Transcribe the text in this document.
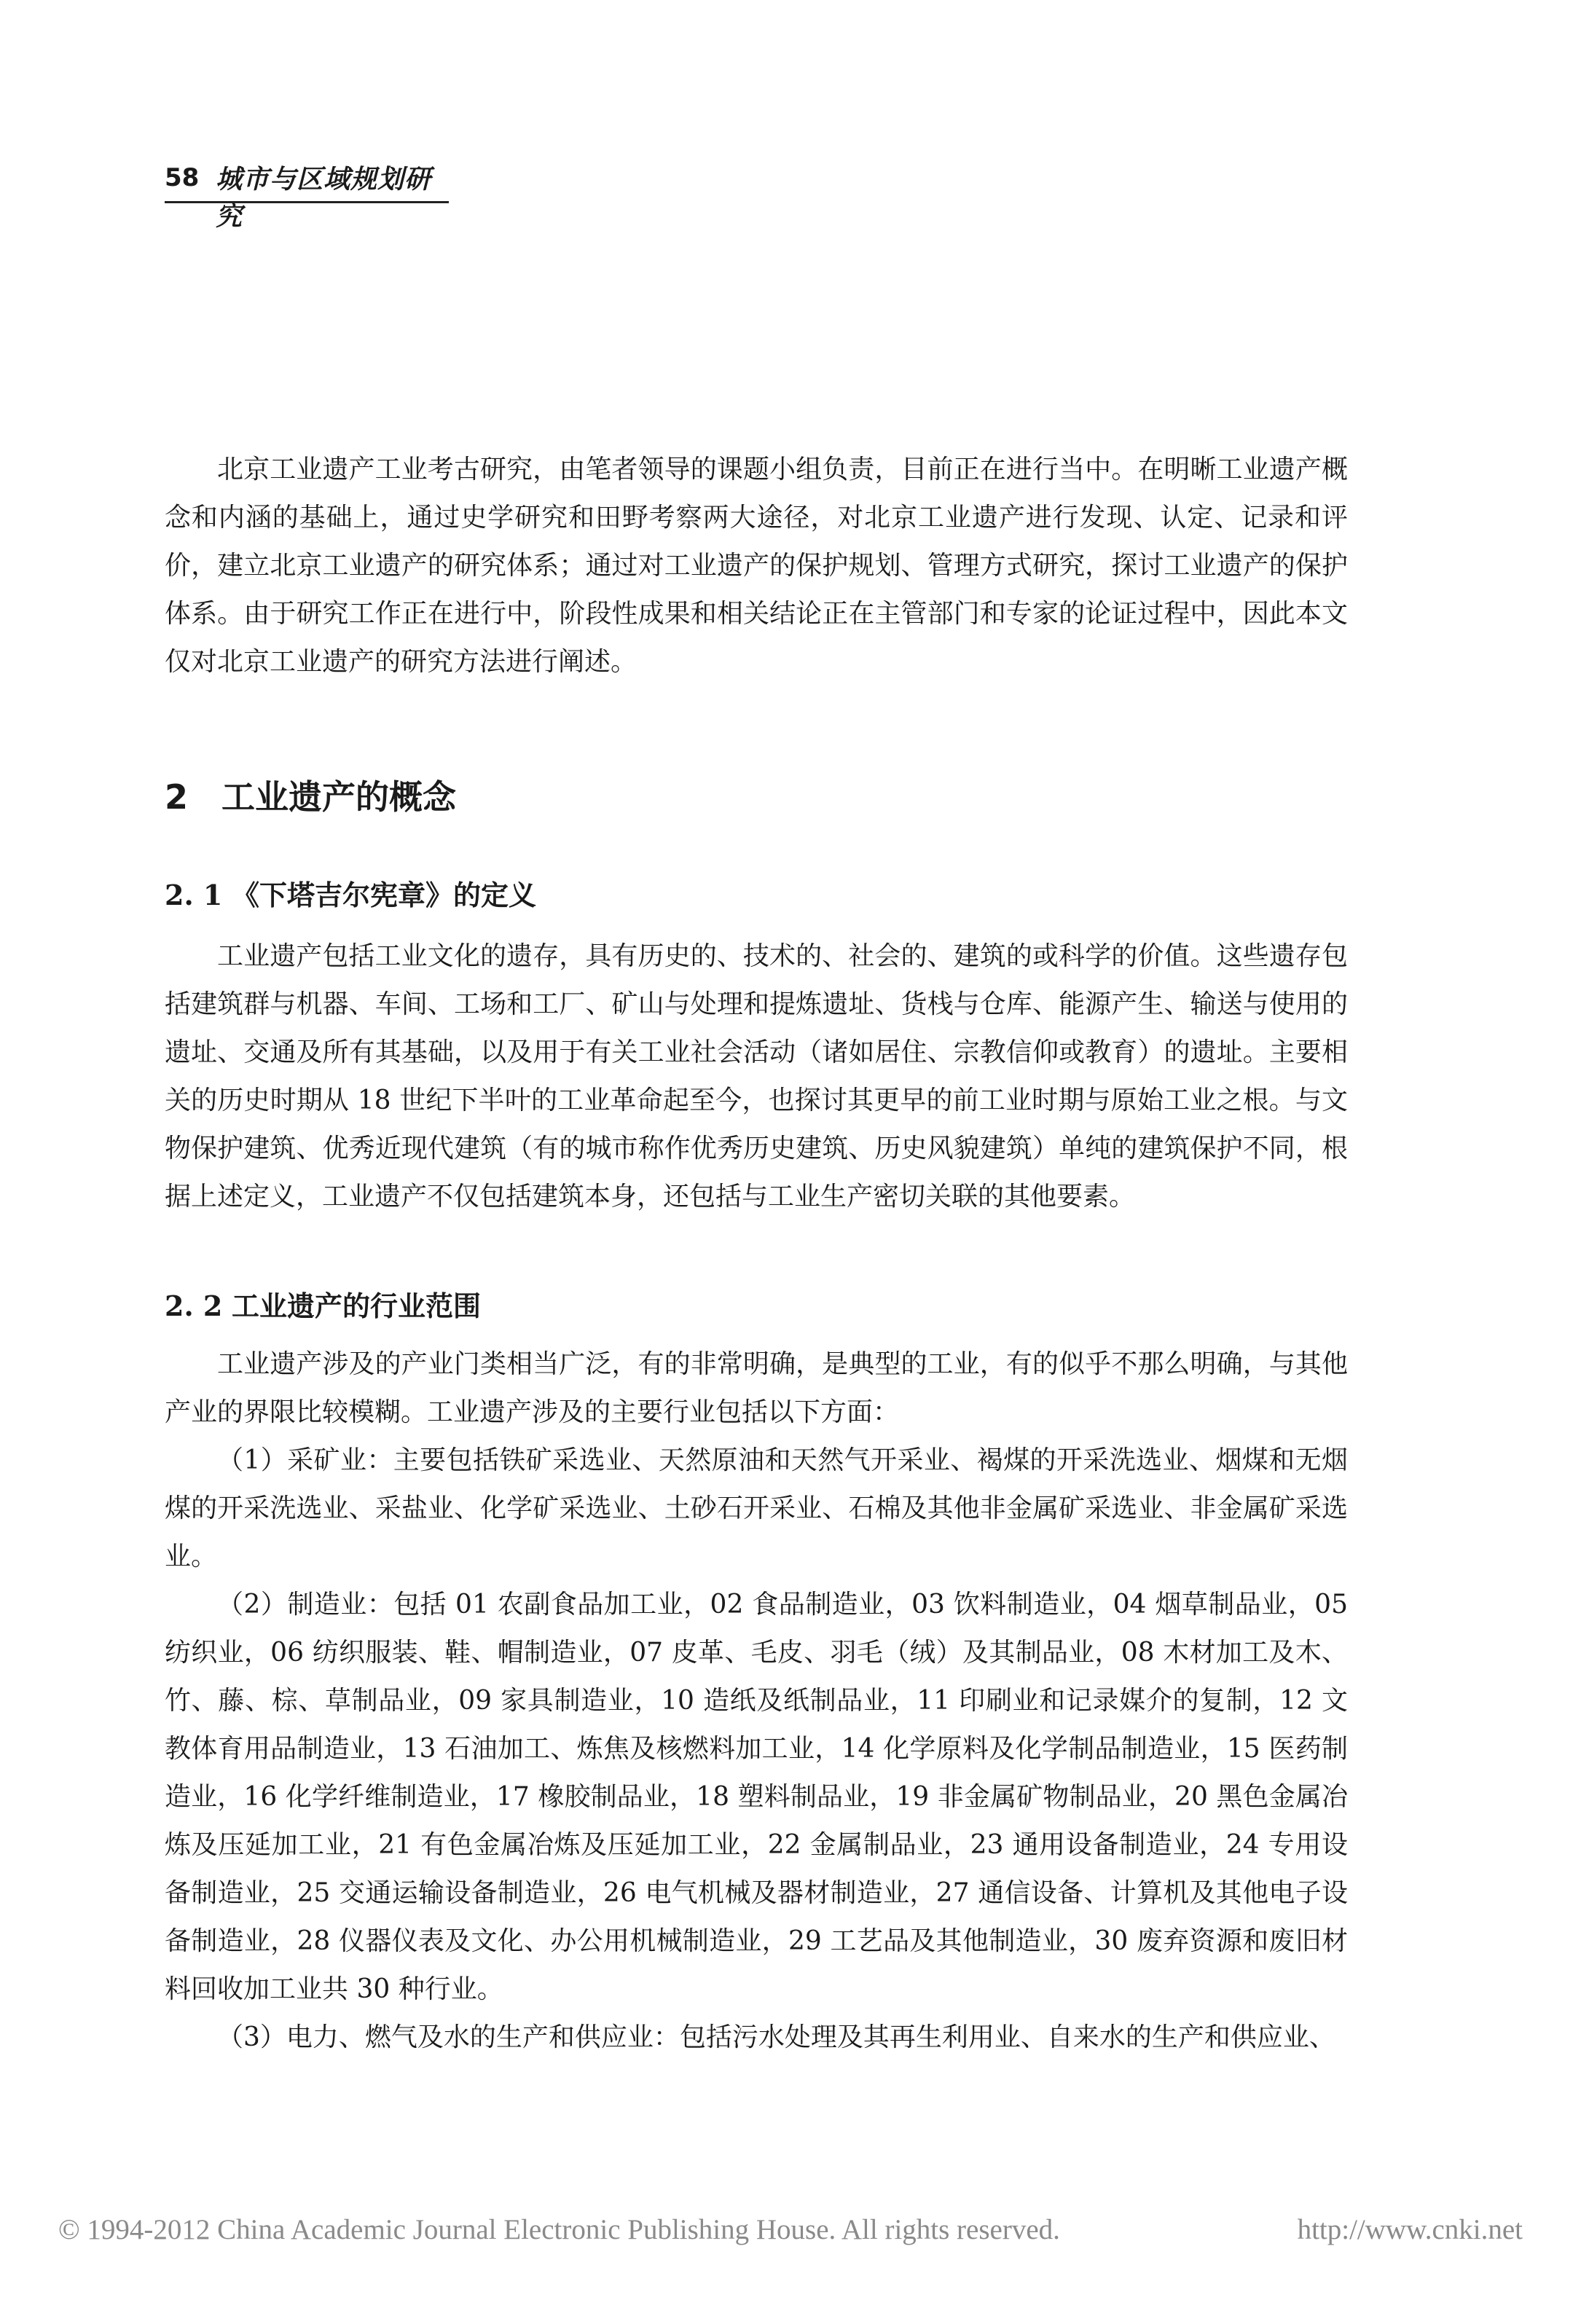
58 城市与区域规划研究

北京工业遗产工业考古研究，由笔者领导的课题小组负责，目前正在进行当中。在明晰工业遗产概念和内涵的基础上，通过史学研究和田野考察两大途径，对北京工业遗产进行发现、认定、记录和评价，建立北京工业遗产的研究体系；通过对工业遗产的保护规划、管理方式研究，探讨工业遗产的保护体系。由于研究工作正在进行中，阶段性成果和相关结论正在主管部门和专家的论证过程中，因此本文仅对北京工业遗产的研究方法进行阐述。

2 工业遗产的概念
2. 1 《下塔吉尔宪章》的定义

工业遗产包括工业文化的遗存，具有历史的、技术的、社会的、建筑的或科学的价值。这些遗存包括建筑群与机器、车间、工场和工厂、矿山与处理和提炼遗址、货栈与仓库、能源产生、输送与使用的遗址、交通及所有其基础，以及用于有关工业社会活动（诸如居住、宗教信仰或教育）的遗址。主要相关的历史时期从 18 世纪下半叶的工业革命起至今，也探讨其更早的前工业时期与原始工业之根。与文物保护建筑、优秀近现代建筑（有的城市称作优秀历史建筑、历史风貌建筑）单纯的建筑保护不同，根据上述定义，工业遗产不仅包括建筑本身，还包括与工业生产密切关联的其他要素。

2. 2 工业遗产的行业范围

工业遗产涉及的产业门类相当广泛，有的非常明确，是典型的工业，有的似乎不那么明确，与其他产业的界限比较模糊。工业遗产涉及的主要行业包括以下方面：

（1）采矿业：主要包括铁矿采选业、天然原油和天然气开采业、褐煤的开采洗选业、烟煤和无烟煤的开采洗选业、采盐业、化学矿采选业、土砂石开采业、石棉及其他非金属矿采选业、非金属矿采选业。

（2）制造业：包括 01 农副食品加工业，02 食品制造业，03 饮料制造业，04 烟草制品业，05 纺织业，06 纺织服装、鞋、帽制造业，07 皮革、毛皮、羽毛（绒）及其制品业，08 木材加工及木、竹、藤、棕、草制品业，09 家具制造业，10 造纸及纸制品业，11 印刷业和记录媒介的复制，12 文教体育用品制造业，13 石油加工、炼焦及核燃料加工业，14 化学原料及化学制品制造业，15 医药制造业，16 化学纤维制造业，17 橡胶制品业，18 塑料制品业，19 非金属矿物制品业，20 黑色金属冶炼及压延加工业，21 有色金属冶炼及压延加工业，22 金属制品业，23 通用设备制造业，24 专用设备制造业，25 交通运输设备制造业，26 电气机械及器材制造业，27 通信设备、计算机及其他电子设备制造业，28 仪器仪表及文化、办公用机械制造业，29 工艺品及其他制造业，30 废弃资源和废旧材料回收加工业共 30 种行业。

（3）电力、燃气及水的生产和供应业：包括污水处理及其再生利用业、自来水的生产和供应业、

© 1994-2012 China Academic Journal Electronic Publishing House. All rights reserved.	http://www.cnki.net
